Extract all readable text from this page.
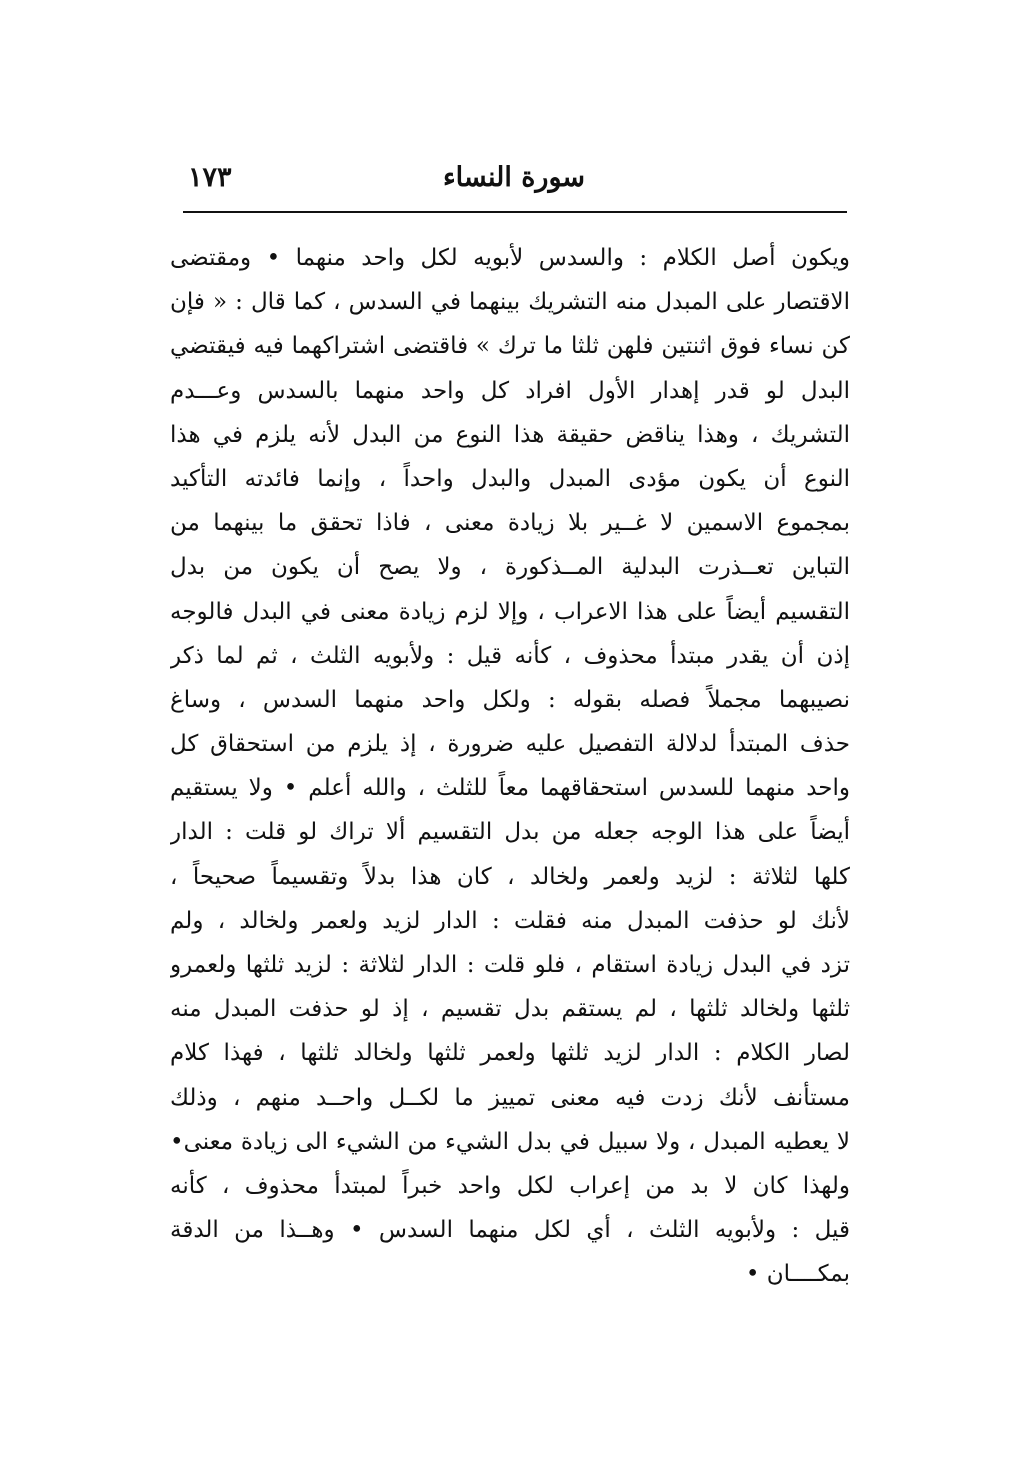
سورة النساء
١٧٣
ويكون أصل الكلام : والسدس لأبويه لكل واحد منهما • ومقتضى
الاقتصار على المبدل منه التشريك بينهما في السدس ، كما قال : « فإن
كن نساء فوق اثنتين فلهن ثلثا ما ترك » فاقتضى اشتراكهما فيه فيقتضي
البدل لو قدر إهدار الأول افراد كل واحد منهما بالسدس وعـــدم
التشريك ، وهذا يناقض حقيقة هذا النوع من البدل لأنه يلزم في هذا
النوع أن يكون مؤدى المبدل والبدل واحداً ، وإنما فائدته التأكيد
بمجموع الاسمين لا غــير بلا زيادة معنى ، فاذا تحقق ما بينهما من
التباين تعــذرت البدلية المــذكورة ، ولا يصح أن يكون من بدل
التقسيم أيضاً على هذا الاعراب ، وإلا لزم زيادة معنى في البدل فالوجه
إذن أن يقدر مبتدأ محذوف ، كأنه قيل : ولأبويه الثلث ، ثم لما ذكر
نصيبهما مجملاً فصله بقوله : ولكل واحد منهما السدس ، وساغ
حذف المبتدأ لدلالة التفصيل عليه ضرورة ، إذ يلزم من استحقاق كل
واحد منهما للسدس استحقاقهما معاً للثلث ، والله أعلم • ولا يستقيم
أيضاً على هذا الوجه جعله من بدل التقسيم ألا تراك لو قلت : الدار
كلها لثلاثة : لزيد ولعمر ولخالد ، كان هذا بدلاً وتقسيماً صحيحاً ،
لأنك لو حذفت المبدل منه فقلت : الدار لزيد ولعمر ولخالد ، ولم
تزد في البدل زيادة استقام ، فلو قلت : الدار لثلاثة : لزيد ثلثها ولعمرو
ثلثها ولخالد ثلثها ، لم يستقم بدل تقسيم ، إذ لو حذفت المبدل منه
لصار الكلام : الدار لزيد ثلثها ولعمر ثلثها ولخالد ثلثها ، فهذا كلام
مستأنف لأنك زدت فيه معنى تمييز ما لكــل واحــد منهم ، وذلك
لا يعطيه المبدل ، ولا سبيل في بدل الشيء من الشيء الى زيادة معنى•
ولهذا كان لا بد من إعراب لكل واحد خبراً لمبتدأ محذوف ، كأنه
قيل : ولأبويه الثلث ، أي لكل منهما السدس • وهــذا من الدقة
بمكــــان •
